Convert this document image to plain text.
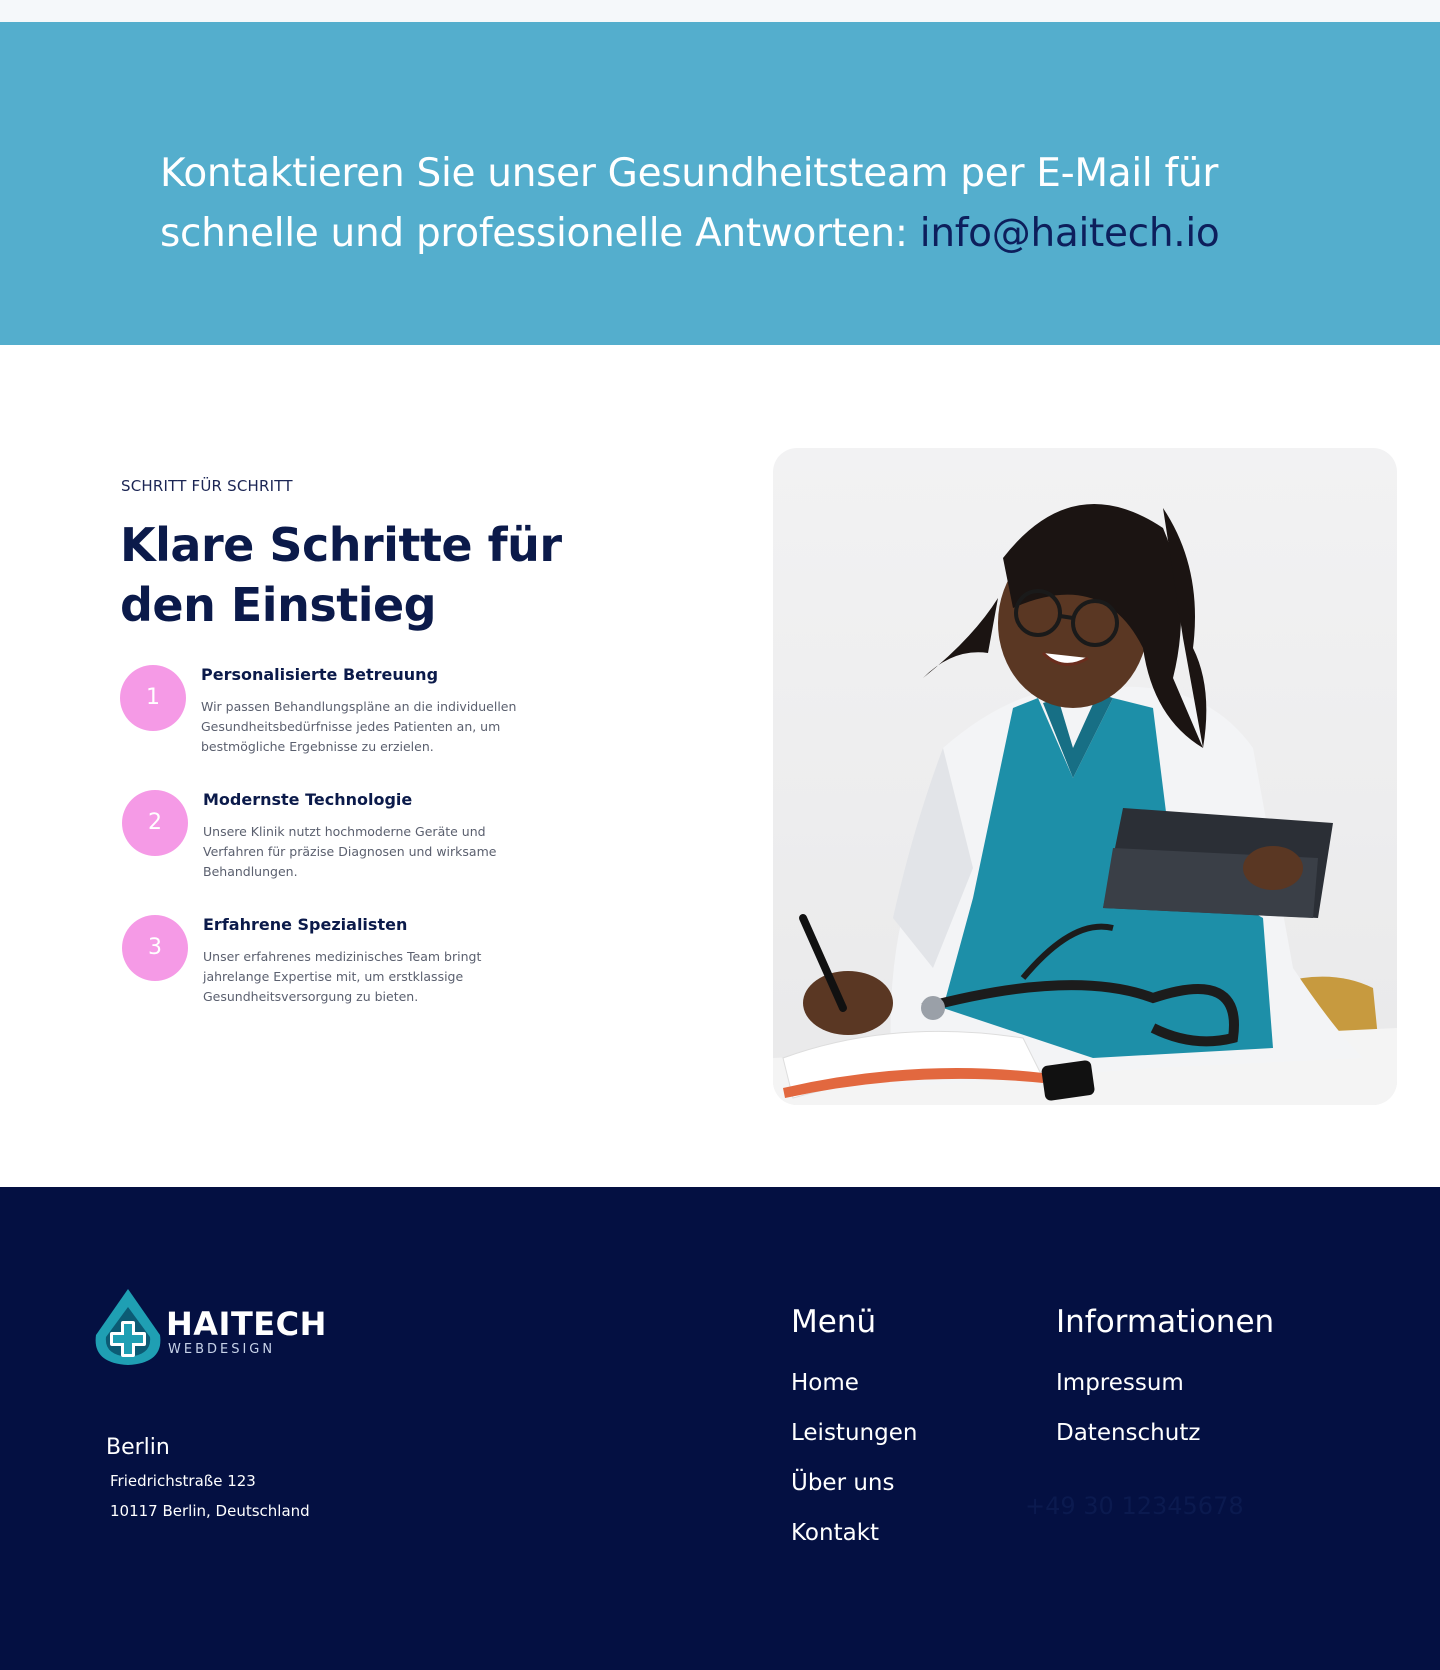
Kontaktieren Sie unser Gesundheitsteam per E-Mail für schnelle und professionelle Antworten: info@haitech.io

SCHRITT FÜR SCHRITT
Klare Schritte für den Einstieg
1
Personalisierte Betreuung
Wir passen Behandlungspläne an die individuellen Gesundheitsbedürfnisse jedes Patienten an, um bestmögliche Ergebnisse zu erzielen.
2
Modernste Technologie
Unsere Klinik nutzt hochmoderne Geräte und Verfahren für präzise Diagnosen und wirksame Behandlungen.
3
Erfahrene Spezialisten
Unser erfahrenes medizinisches Team bringt jahrelange Expertise mit, um erstklassige Gesundheitsversorgung zu bieten.
HAITECH
WEBDESIGN
Berlin
Friedrichstraße 123
10117 Berlin, Deutschland
Menü
Home
Leistungen
Über uns
Kontakt
Informationen
Impressum
Datenschutz
+49 30 12345678
